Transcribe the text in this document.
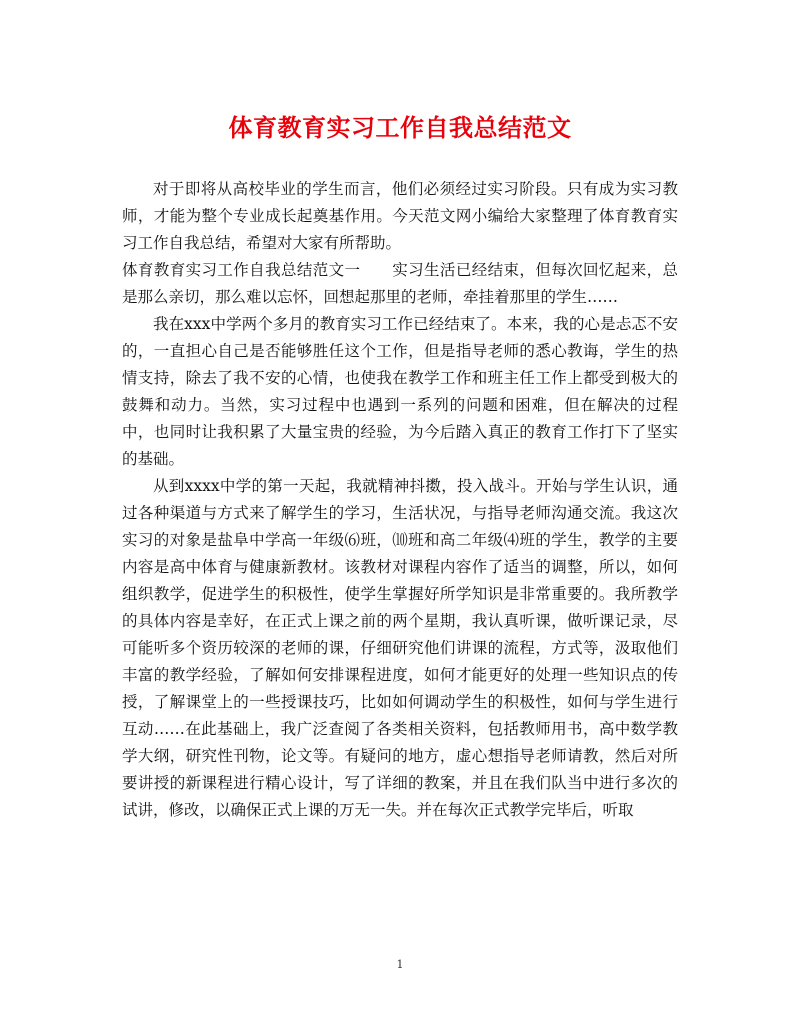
体育教育实习工作自我总结范文

对于即将从高校毕业的学生而言，他们必须经过实习阶段。只有成为实习教师，才能为整个专业成长起奠基作用。今天范文网小编给大家整理了体育教育实习工作自我总结，希望对大家有所帮助。

体育教育实习工作自我总结范文一　　实习生活已经结束，但每次回忆起来，总是那么亲切，那么难以忘怀，回想起那里的老师，牵挂着那里的学生……

我在xxx中学两个多月的教育实习工作已经结束了。本来，我的心是忐忑不安的，一直担心自己是否能够胜任这个工作，但是指导老师的悉心教诲，学生的热情支持，除去了我不安的心情，也使我在教学工作和班主任工作上都受到极大的鼓舞和动力。当然，实习过程中也遇到一系列的问题和困难，但在解决的过程中，也同时让我积累了大量宝贵的经验，为今后踏入真正的教育工作打下了坚实的基础。

从到xxxx中学的第一天起，我就精神抖擞，投入战斗。开始与学生认识，通过各种渠道与方式来了解学生的学习，生活状况，与指导老师沟通交流。我这次实习的对象是盐阜中学高一年级⑹班，⑽班和高二年级⑷班的学生，教学的主要内容是高中体育与健康新教材。该教材对课程内容作了适当的调整，所以，如何组织教学，促进学生的积极性，使学生掌握好所学知识是非常重要的。我所教学的具体内容是幸好，在正式上课之前的两个星期，我认真听课，做听课记录，尽可能听多个资历较深的老师的课，仔细研究他们讲课的流程，方式等，汲取他们丰富的教学经验，了解如何安排课程进度，如何才能更好的处理一些知识点的传授，了解课堂上的一些授课技巧，比如如何调动学生的积极性，如何与学生进行互动……在此基础上，我广泛查阅了各类相关资料，包括教师用书，高中数学教学大纲，研究性刊物，论文等。有疑问的地方，虚心想指导老师请教，然后对所要讲授的新课程进行精心设计，写了详细的教案，并且在我们队当中进行多次的试讲，修改，以确保正式上课的万无一失。并在每次正式教学完毕后，听取

1
